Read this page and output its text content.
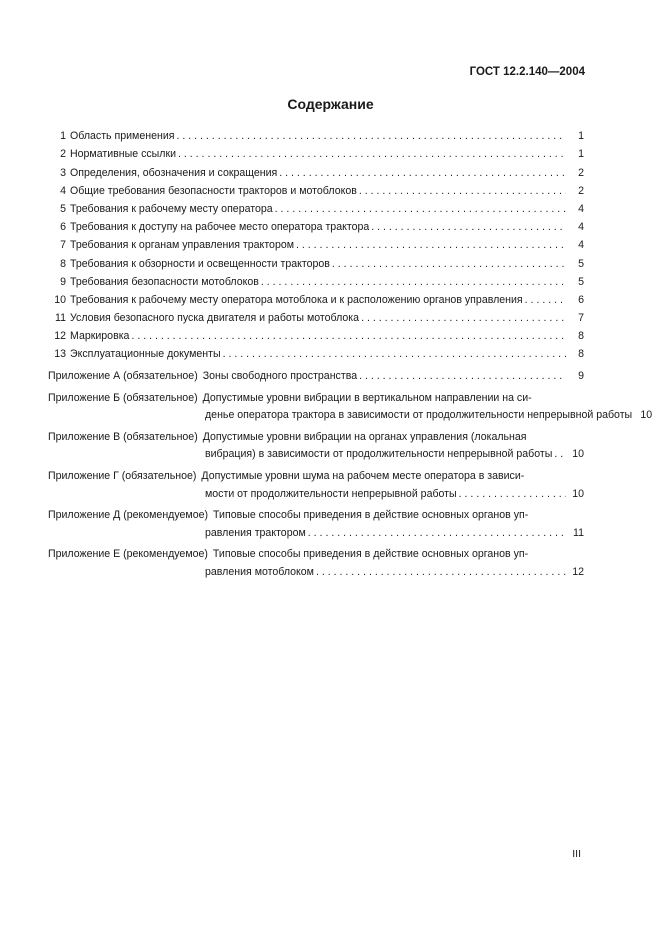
ГОСТ 12.2.140—2004
Содержание
1 Область применения . . .	1
2 Нормативные ссылки . . .	1
3 Определения, обозначения и сокращения . . .	2
4 Общие требования безопасности тракторов и мотоблоков . . .	2
5 Требования к рабочему месту оператора . . .	4
6 Требования к доступу на рабочее место оператора трактора . . .	4
7 Требования к органам управления трактором . . .	4
8 Требования к обзорности и освещенности тракторов . . .	5
9 Требования безопасности мотоблоков . . .	5
10 Требования к рабочему месту оператора мотоблока и к расположению органов управления . . .	6
11 Условия безопасного пуска двигателя и работы мотоблока . . .	7
12 Маркировка . . .	8
13 Эксплуатационные документы . . .	8
Приложение А (обязательное) Зоны свободного пространства . . .	9
Приложение Б (обязательное) Допустимые уровни вибрации в вертикальном направлении на си-
денье оператора трактора в зависимости от продолжительности непрерывной работы 10
Приложение В (обязательное) Допустимые уровни вибрации на органах управления (локальная
вибрация) в зависимости от продолжительности непрерывной работы . . .	10
Приложение Г (обязательное) Допустимые уровни шума на рабочем месте оператора в зависи-
мости от продолжительности непрерывной работы . . .	10
Приложение Д (рекомендуемое) Типовые способы приведения в действие основных органов уп-
равления трактором . . .	11
Приложение Е (рекомендуемое) Типовые способы приведения в действие основных органов уп-
равления мотоблоком . . .	12
III
